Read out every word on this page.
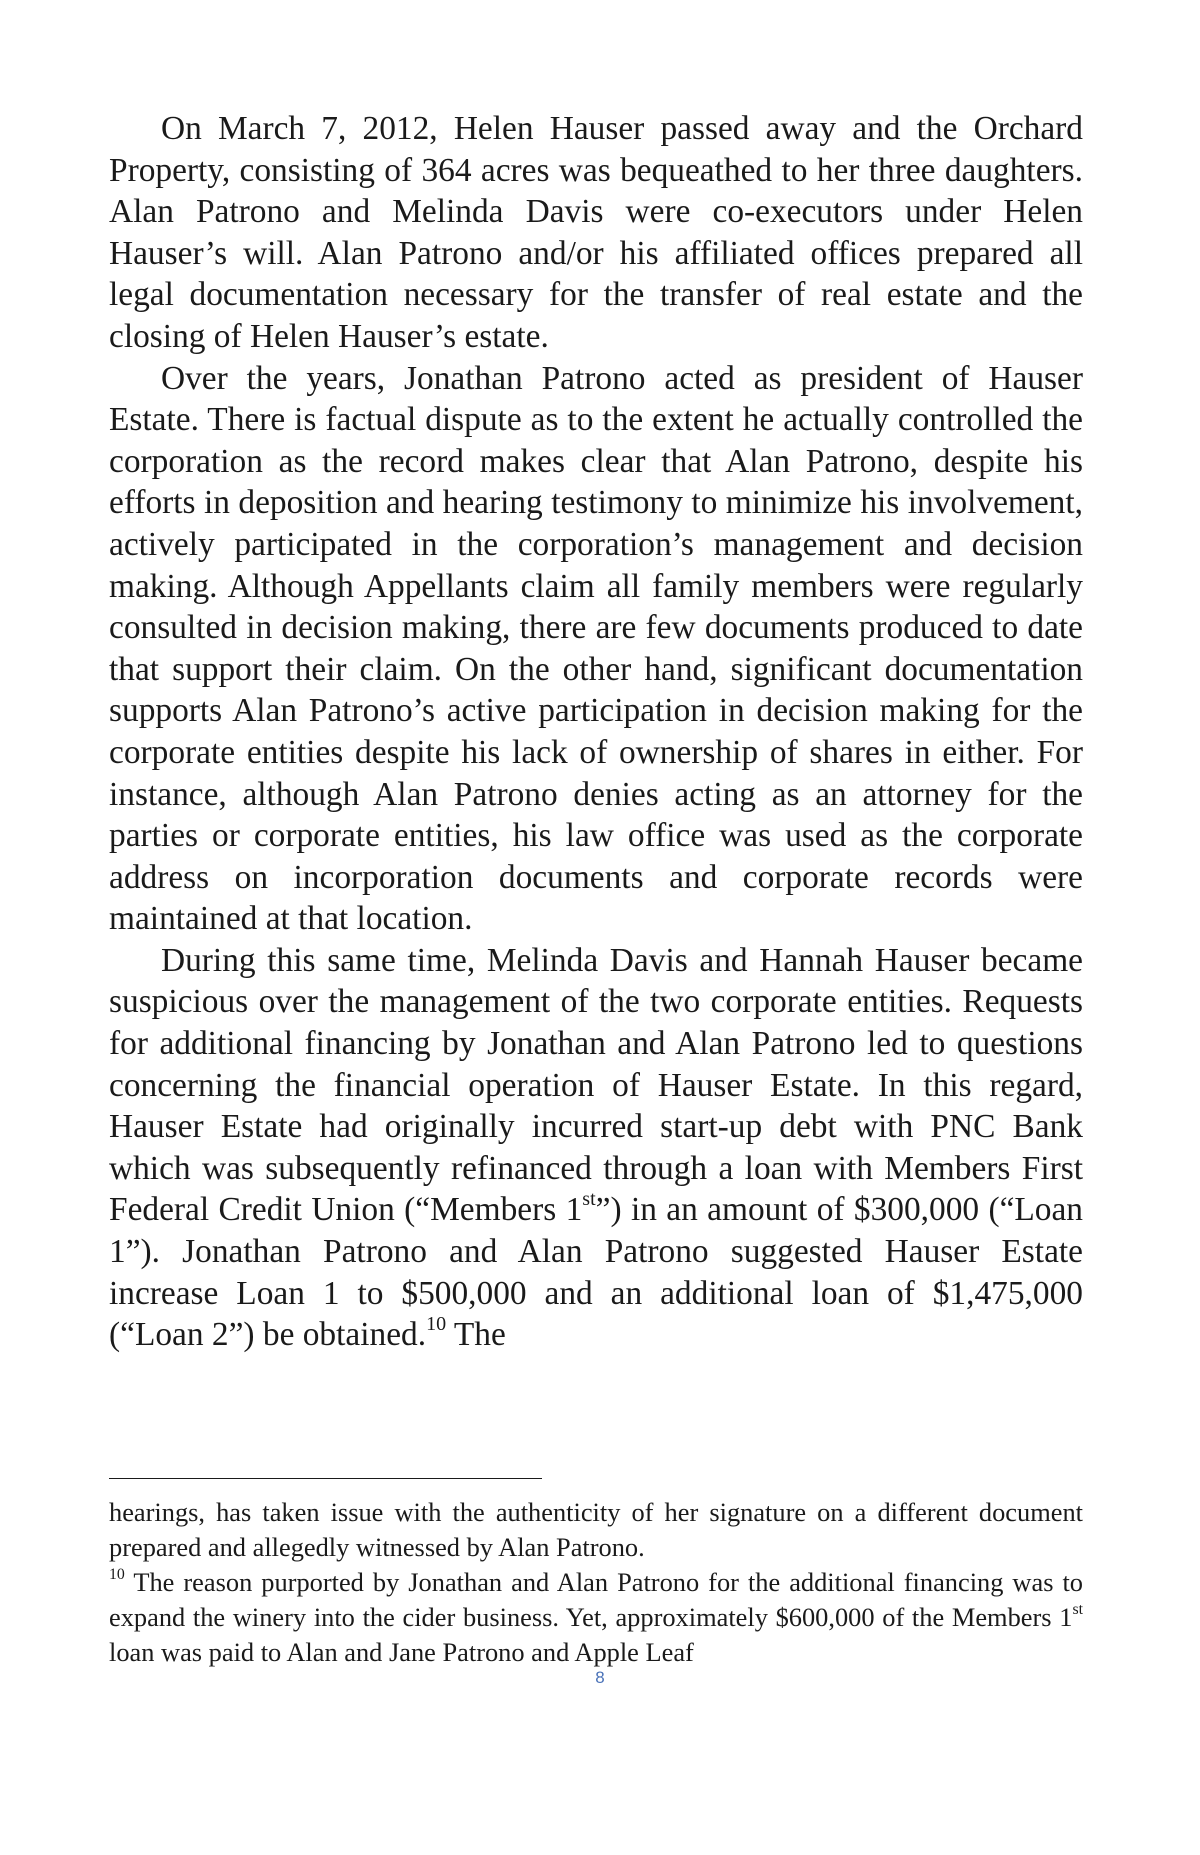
On March 7, 2012, Helen Hauser passed away and the Orchard Property, consisting of 364 acres was bequeathed to her three daughters. Alan Patrono and Melinda Davis were co-executors under Helen Hauser’s will. Alan Patrono and/or his affiliated offices prepared all legal documentation necessary for the transfer of real estate and the closing of Helen Hauser’s estate.

Over the years, Jonathan Patrono acted as president of Hauser Estate. There is factual dispute as to the extent he actually controlled the corporation as the record makes clear that Alan Patrono, despite his efforts in deposition and hearing testimony to minimize his involvement, actively participated in the corporation’s management and decision making. Although Appellants claim all family members were regularly consulted in decision making, there are few documents produced to date that support their claim. On the other hand, significant documentation supports Alan Patrono’s active participation in decision making for the corporate entities despite his lack of ownership of shares in either. For instance, although Alan Patrono denies acting as an attorney for the parties or corporate entities, his law office was used as the corporate address on incorporation documents and corporate records were maintained at that location.

During this same time, Melinda Davis and Hannah Hauser became suspicious over the management of the two corporate entities. Requests for additional financing by Jonathan and Alan Patrono led to questions concerning the financial operation of Hauser Estate. In this regard, Hauser Estate had originally incurred start-up debt with PNC Bank which was subsequently refinanced through a loan with Members First Federal Credit Union (“Members 1st”) in an amount of $300,000 (“Loan 1”). Jonathan Patrono and Alan Patrono suggested Hauser Estate increase Loan 1 to $500,000 and an additional loan of $1,475,000 (“Loan 2”) be obtained.$^{10}$ The

hearings, has taken issue with the authenticity of her signature on a different document prepared and allegedly witnessed by Alan Patrono.

$^{10}$ The reason purported by Jonathan and Alan Patrono for the additional financing was to expand the winery into the cider business. Yet, approximately $600,000 of the Members 1st loan was paid to Alan and Jane Patrono and Apple Leaf

8
